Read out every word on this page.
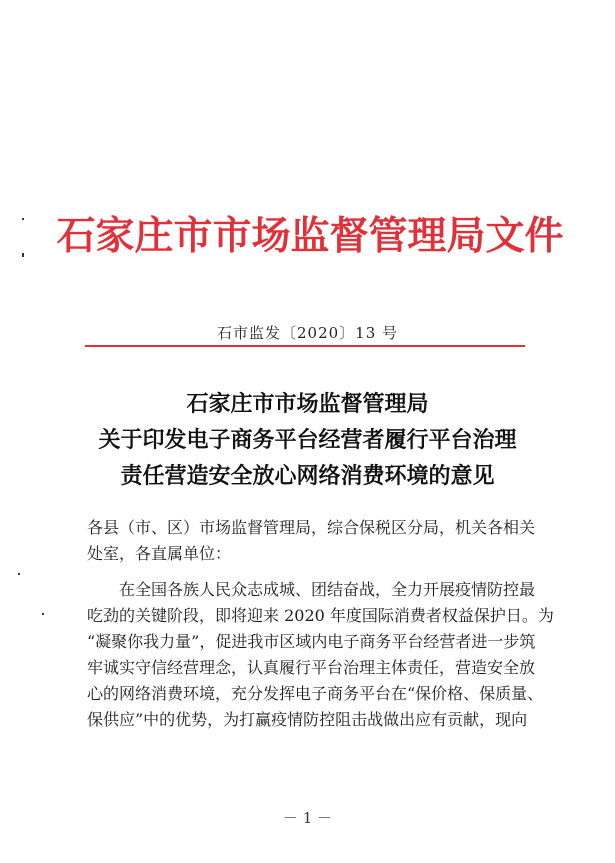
石家庄市市场监督管理局文件
石市监发〔2020〕13 号
石家庄市市场监督管理局
关于印发电子商务平台经营者履行平台治理
责任营造安全放心网络消费环境的意见
各县（市、区）市场监督管理局，综合保税区分局，机关各相关
处室，各直属单位：
在全国各族人民众志成城、团结奋战，全力开展疫情防控最
吃劲的关键阶段，即将迎来 2020 年度国际消费者权益保护日。为
“凝聚你我力量”，促进我市区域内电子商务平台经营者进一步筑
牢诚实守信经营理念，认真履行平台治理主体责任，营造安全放
心的网络消费环境，充分发挥电子商务平台在“保价格、保质量、
保供应”中的优势，为打赢疫情防控阻击战做出应有贡献，现向
－ 1 －
